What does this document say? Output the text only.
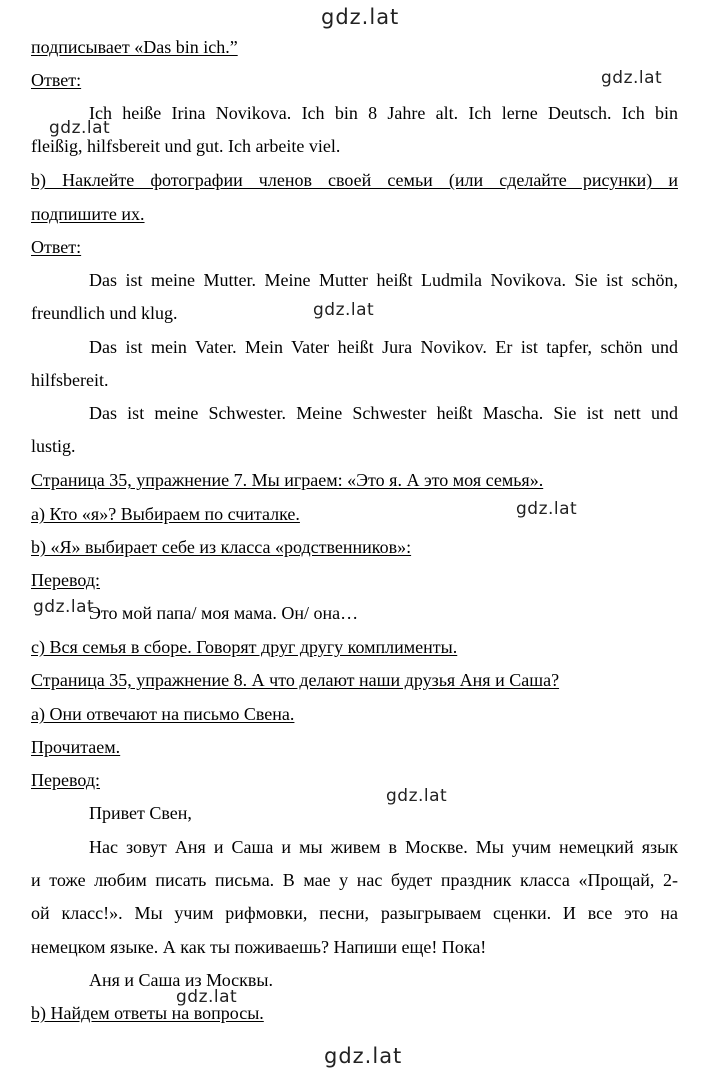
gdz.lat
gdz.lat
gdz.lat
gdz.lat
gdz.lat
gdz.lat
gdz.lat
gdz.lat
gdz.lat
подписывает «Das bin ich.”
Ответ:
Ich heiße Irina Novikova. Ich bin 8 Jahre alt. Ich lerne Deutsch. Ich bin
fleißig, hilfsbereit und gut. Ich arbeite viel.
b) Наклейте фотографии членов своей семьи (или сделайте рисунки) и
подпишите их.
Ответ:
Das ist meine Mutter. Meine Mutter heißt Ludmila Novikova. Sie ist schön,
freundlich und klug.
Das ist mein Vater. Mein Vater heißt Jura Novikov. Er ist tapfer, schön und
hilfsbereit.
Das ist meine Schwester. Meine Schwester heißt Mascha. Sie ist nett und
lustig.
Страница 35, упражнение 7. Мы играем: «Это я. А это моя семья».
a) Кто «я»? Выбираем по считалке.
b) «Я» выбирает себе из класса «родственников»:
Перевод:
Это мой папа/ моя мама. Он/ она…
c) Вся семья в сборе. Говорят друг другу комплименты.
Страница 35, упражнение 8. А что делают наши друзья Аня и Саша?
a) Они отвечают на письмо Свена.
Прочитаем.
Перевод:
Привет Свен,
Нас зовут Аня и Саша и мы живем в Москве. Мы учим немецкий язык
и тоже любим писать письма. В мае у нас будет праздник класса «Прощай, 2-
ой класс!». Мы учим рифмовки, песни, разыгрываем сценки. И все это на
немецком языке. А как ты поживаешь? Напиши еще! Пока!
Аня и Саша из Москвы.
b) Найдем ответы на вопросы.
